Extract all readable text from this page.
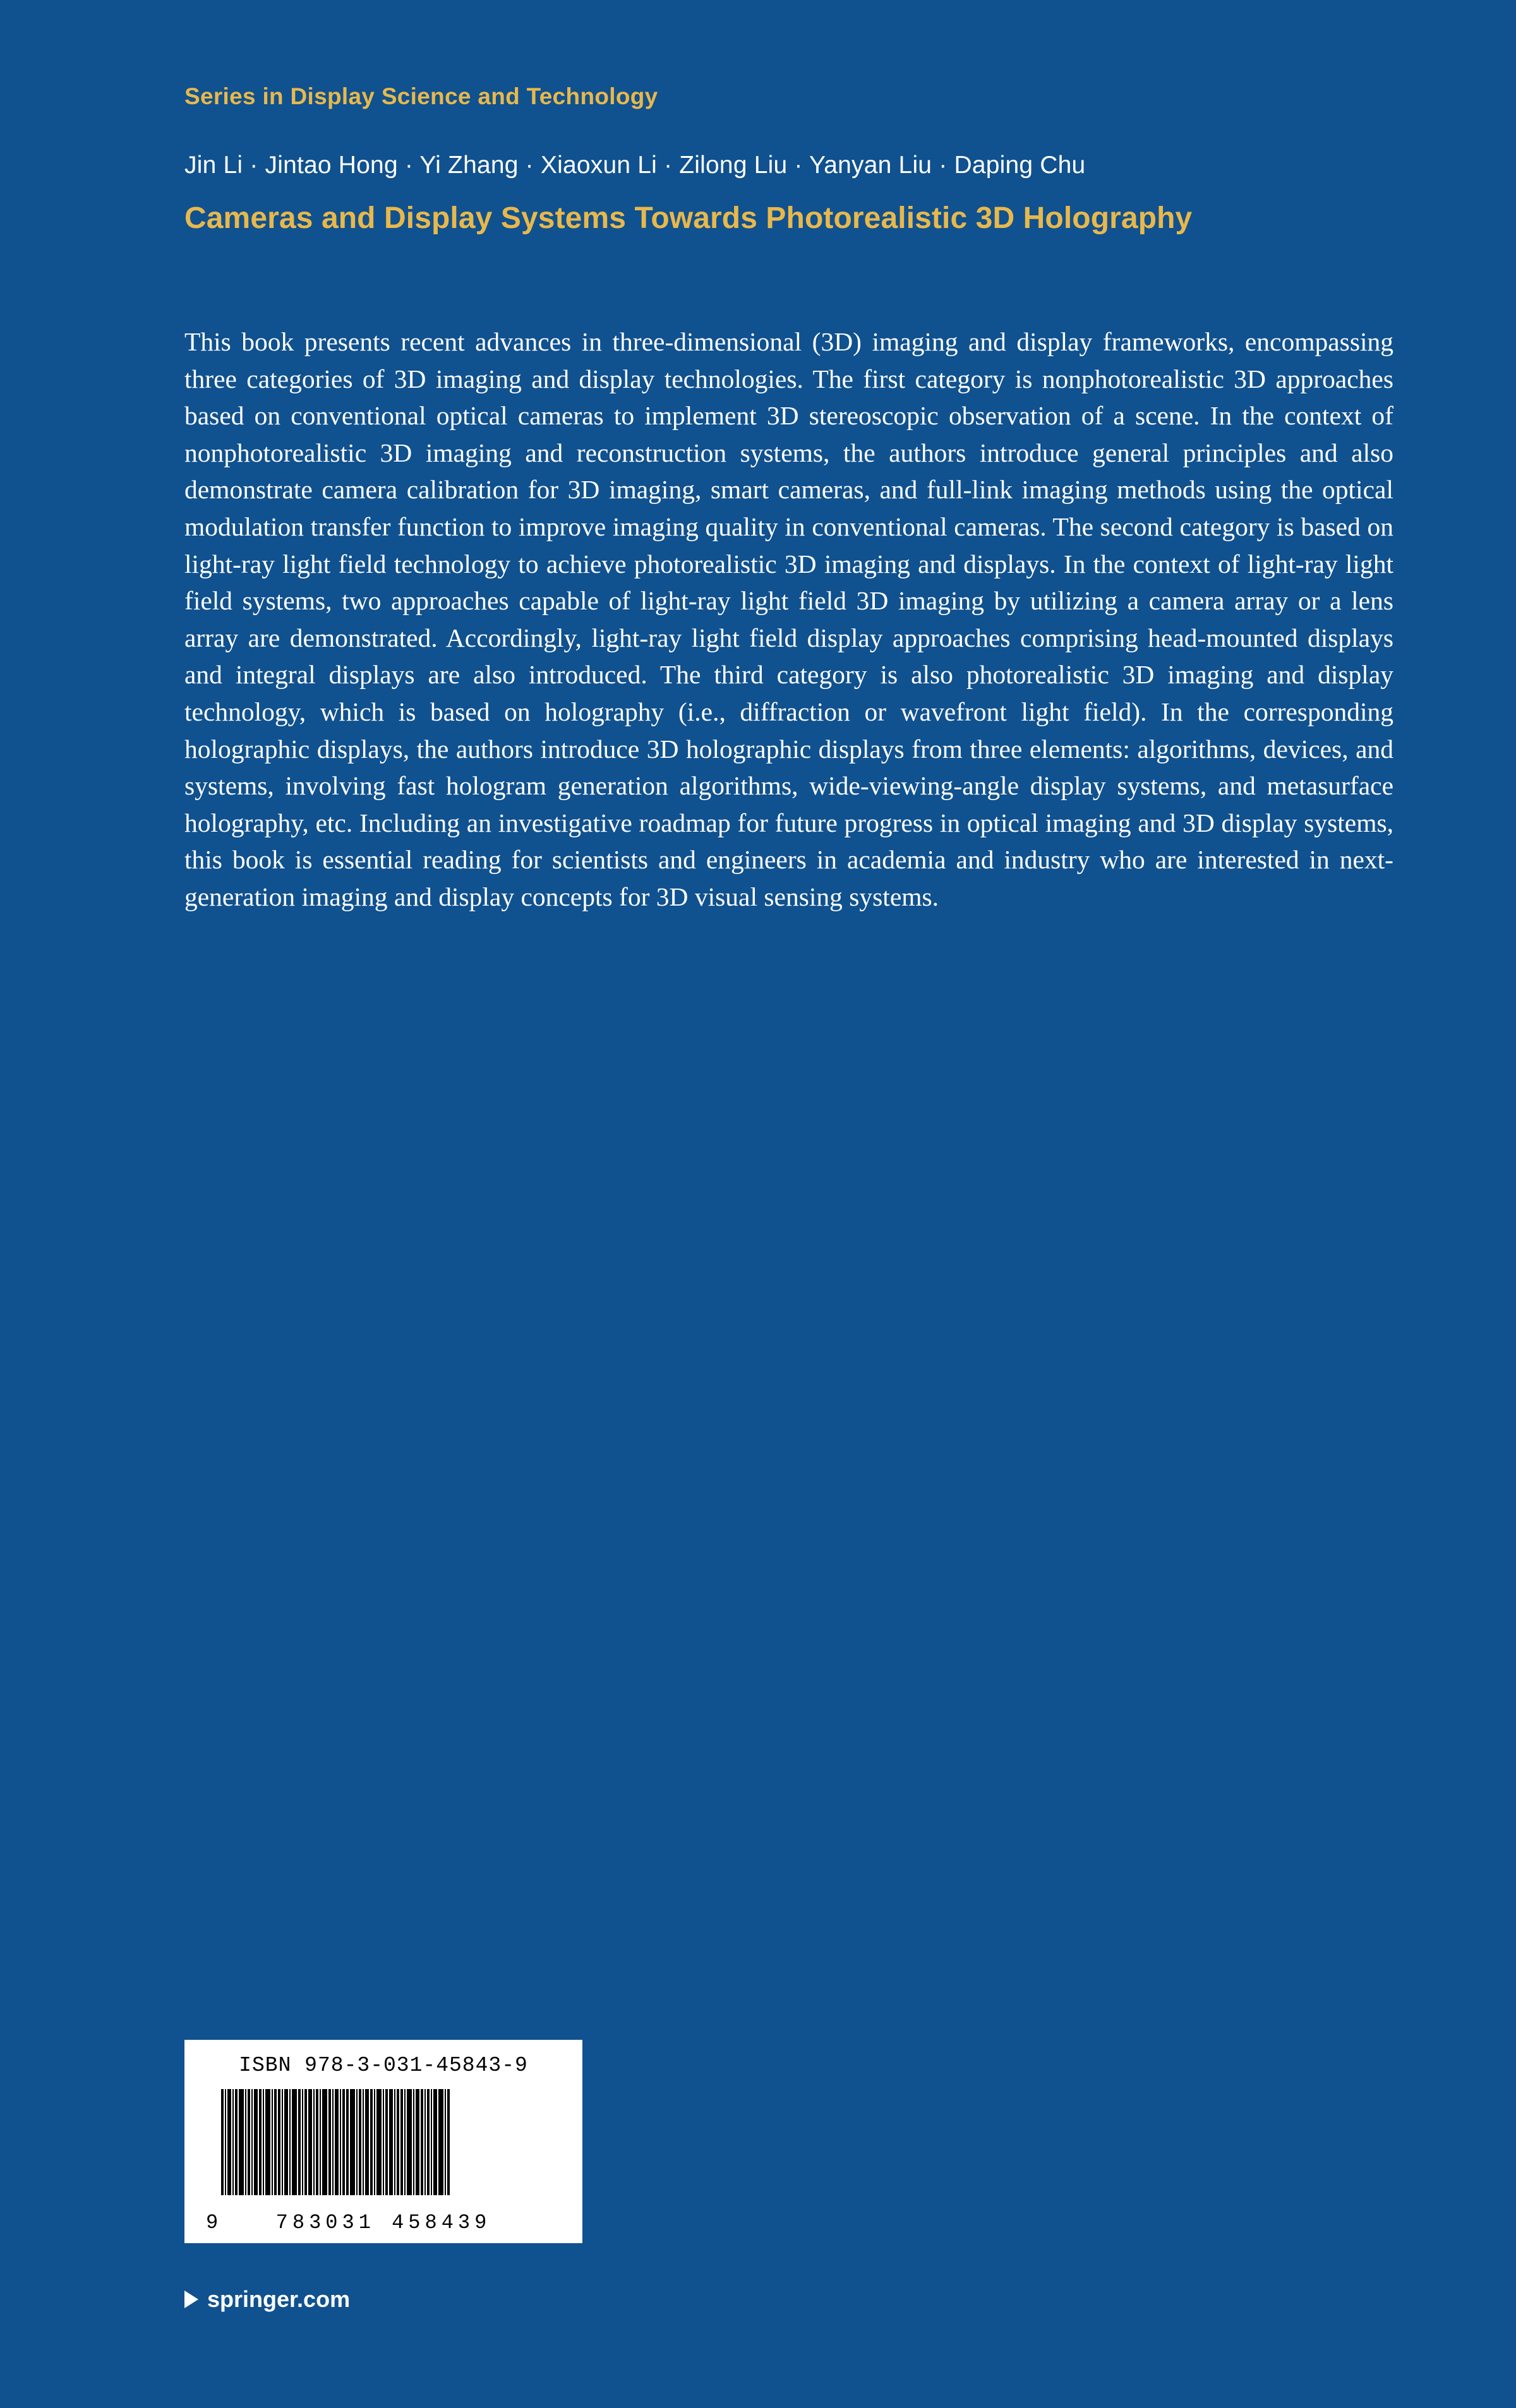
Series in Display Science and Technology
Jin Li · Jintao Hong · Yi Zhang · Xiaoxun Li · Zilong Liu · Yanyan Liu · Daping Chu
Cameras and Display Systems Towards Photorealistic 3D Holography
This book presents recent advances in three-dimensional (3D) imaging and display frameworks, encompassing three categories of 3D imaging and display technologies. The first category is nonphotorealistic 3D approaches based on conventional optical cameras to implement 3D stereoscopic observation of a scene. In the context of nonphotorealistic 3D imaging and reconstruction systems, the authors introduce general principles and also demonstrate camera calibration for 3D imaging, smart cameras, and full-link imaging methods using the optical modulation transfer function to improve imaging quality in conventional cameras. The second category is based on light-ray light field technology to achieve photorealistic 3D imaging and displays. In the context of light-ray light field systems, two approaches capable of light-ray light field 3D imaging by utilizing a camera array or a lens array are demonstrated. Accordingly, light-ray light field display approaches comprising head-mounted displays and integral displays are also introduced. The third category is also photorealistic 3D imaging and display technology, which is based on holography (i.e., diffraction or wavefront light field). In the corresponding holographic displays, the authors introduce 3D holographic displays from three elements: algorithms, devices, and systems, involving fast hologram generation algorithms, wide-viewing-angle display systems, and metasurface holography, etc. Including an investigative roadmap for future progress in optical imaging and 3D display systems, this book is essential reading for scientists and engineers in academia and industry who are interested in next-generation imaging and display concepts for 3D visual sensing systems.
ISBN 978-3-031-45843-9
9	783031 458439
springer.com
